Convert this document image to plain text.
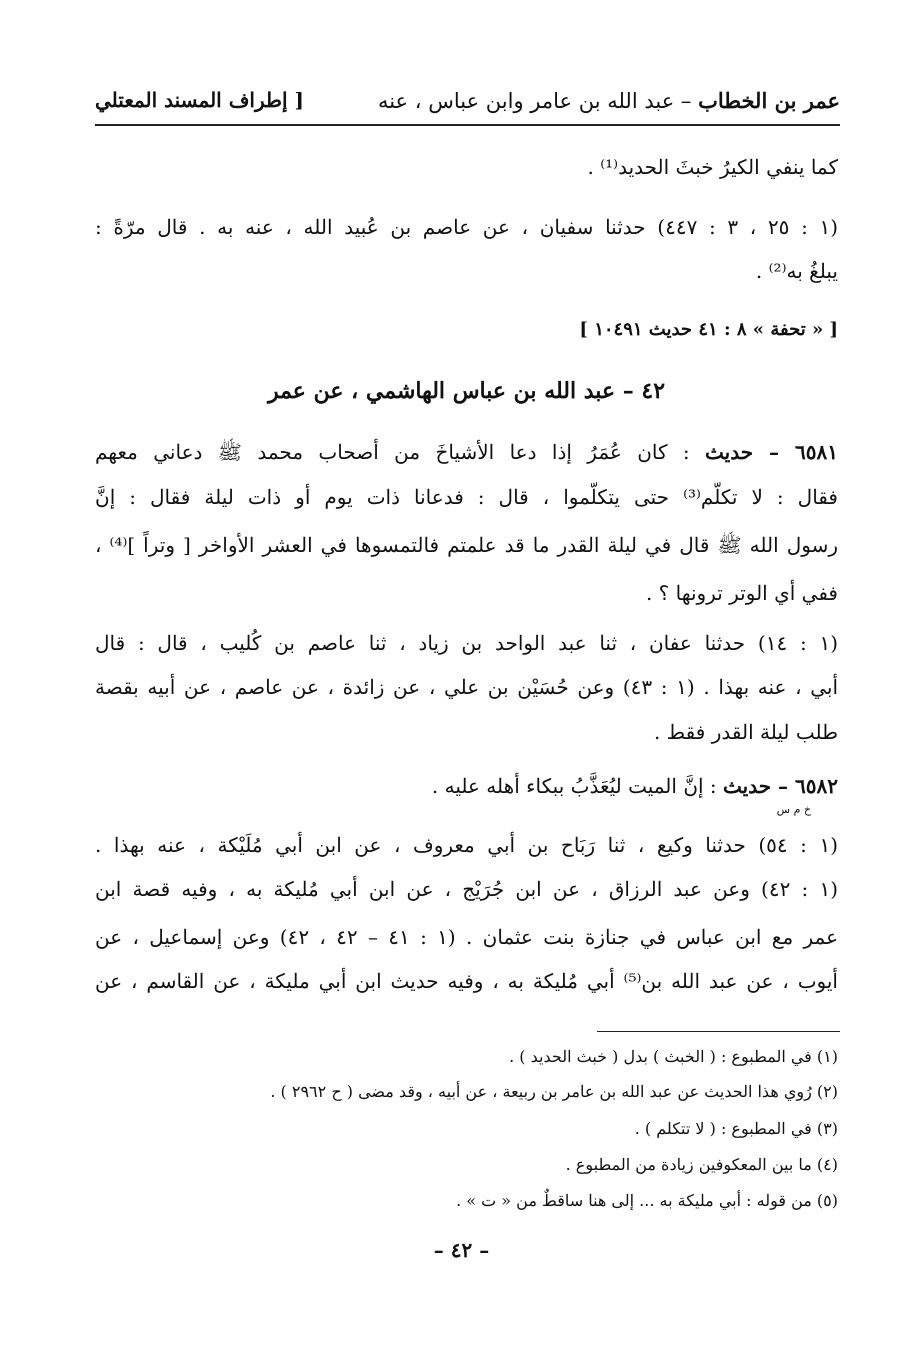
عمر بن الخطاب – عبد الله بن عامر وابن عباس ، عنه
[ إطراف المسند المعتلي
كما ينفي الكيرُ خبثَ الحديد⁽¹⁾ .
(١ : ٢٥ ، ٣ : ٤٤٧) حدثنا سفيان ، عن عاصم بن عُبيد الله ، عنه به . قال مرّةً :
يبلغُ به⁽²⁾ .
[ « تحفة » ٨ : ٤١ حديث ١٠٤٩١ ]
٤٢ – عبد الله بن عباس الهاشمي ، عن عمر
٦٥٨١ – حديث : كان عُمَرُ إذا دعا الأشياخَ من أصحاب محمد ﷺ دعاني معهم
فقال : لا تكلّم⁽³⁾ حتى يتكلّموا ، قال : فدعانا ذات يوم أو ذات ليلة فقال : إنَّ
رسول الله ﷺ قال في ليلة القدر ما قد علمتم فالتمسوها في العشر الأواخر [ وتراً ]⁽⁴⁾ ،
ففي أي الوتر ترونها ؟ .
(١ : ١٤) حدثنا عفان ، ثنا عبد الواحد بن زياد ، ثنا عاصم بن كُليب ، قال : قال
أبي ، عنه بهذا . (١ : ٤٣) وعن حُسَيْن بن علي ، عن زائدة ، عن عاصم ، عن أبيه بقصة
طلب ليلة القدر فقط .
٦٥٨٢ – حديث : إنَّ الميت ليُعَذَّبُ ببكاء أهله عليه .
خ م س
(١ : ٥٤) حدثنا وكيع ، ثنا رَبَاح بن أبي معروف ، عن ابن أبي مُلَيْكة ، عنه بهذا .
(١ : ٤٢) وعن عبد الرزاق ، عن ابن جُرَيْج ، عن ابن أبي مُليكة به ، وفيه قصة ابن
عمر مع ابن عباس في جنازة بنت عثمان . (١ : ٤١ – ٤٢ ، ٤٢) وعن إسماعيل ، عن
أيوب ، عن عبد الله بن⁽⁵⁾ أبي مُليكة به ، وفيه حديث ابن أبي مليكة ، عن القاسم ، عن
(١) في المطبوع : ( الخبث ) بدل ( خبث الحديد ) .
(٢) رُوي هذا الحديث عن عبد الله بن عامر بن ربيعة ، عن أبيه ، وقد مضى ( ح ٢٩٦٢ ) .
(٣) في المطبوع : ( لا تتكلم ) .
(٤) ما بين المعكوفين زيادة من المطبوع .
(٥) من قوله : أبي مليكة به ... إلى هنا ساقطٌ من « ت » .
– ٤٢ –
